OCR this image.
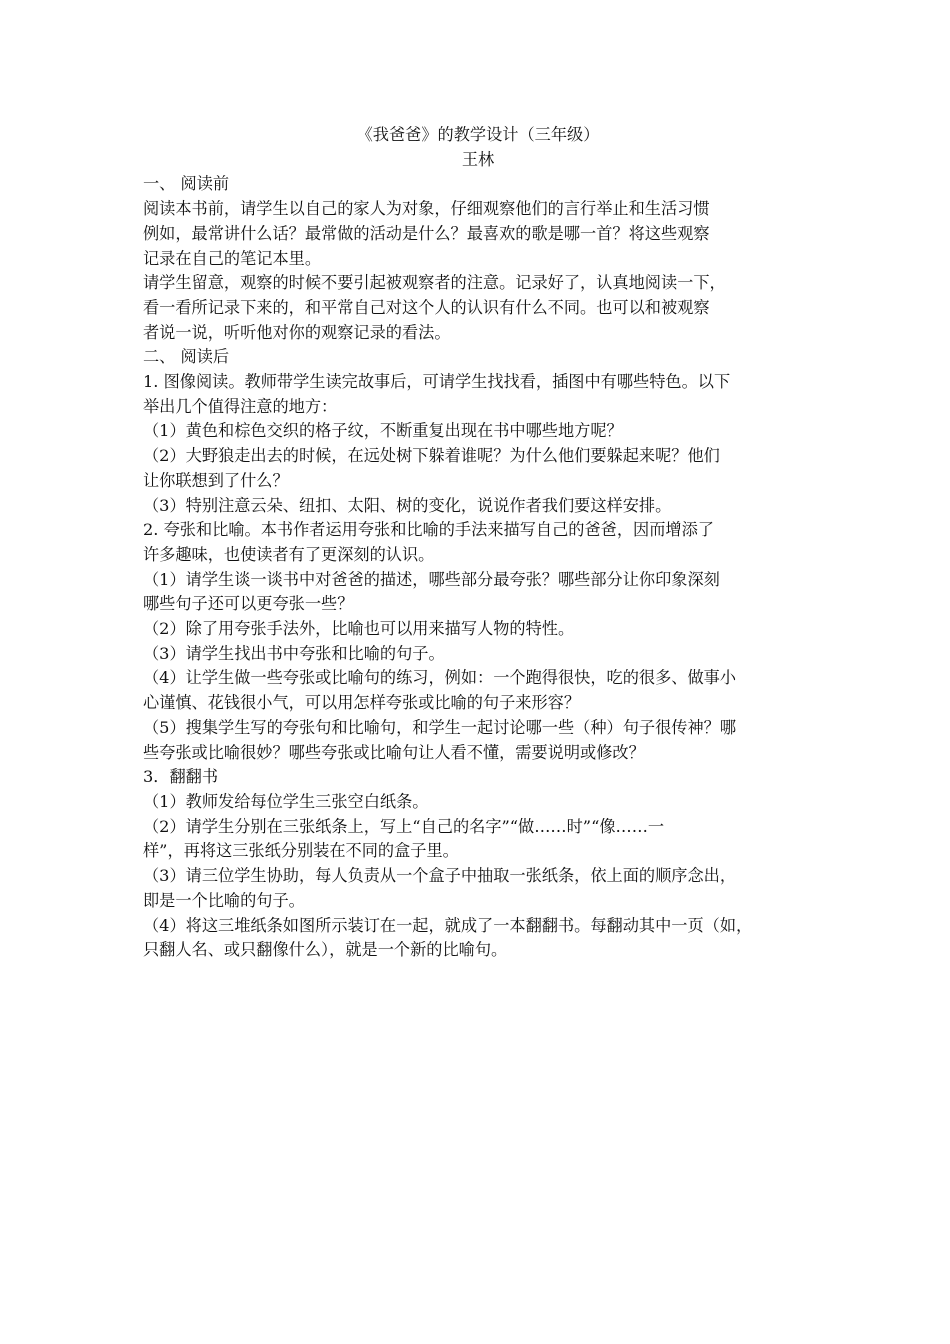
《我爸爸》的教学设计（三年级）
王林
一、 阅读前
阅读本书前，请学生以自己的家人为对象，仔细观察他们的言行举止和生活习惯
例如，最常讲什么话？最常做的活动是什么？最喜欢的歌是哪一首？将这些观察
记录在自己的笔记本里。
请学生留意，观察的时候不要引起被观察者的注意。记录好了，认真地阅读一下，
看一看所记录下来的，和平常自己对这个人的认识有什么不同。也可以和被观察
者说一说，听听他对你的观察记录的看法。
二、 阅读后
1. 图像阅读。教师带学生读完故事后，可请学生找找看，插图中有哪些特色。以下
举出几个值得注意的地方：
（1）黄色和棕色交织的格子纹，不断重复出现在书中哪些地方呢？
（2）大野狼走出去的时候，在远处树下躲着谁呢？为什么他们要躲起来呢？他们
让你联想到了什么？
（3）特别注意云朵、纽扣、太阳、树的变化，说说作者我们要这样安排。
2. 夸张和比喻。本书作者运用夸张和比喻的手法来描写自己的爸爸，因而增添了
许多趣味，也使读者有了更深刻的认识。
（1）请学生谈一谈书中对爸爸的描述，哪些部分最夸张？哪些部分让你印象深刻
哪些句子还可以更夸张一些？
（2）除了用夸张手法外，比喻也可以用来描写人物的特性。
（3）请学生找出书中夸张和比喻的句子。
（4）让学生做一些夸张或比喻句的练习，例如：一个跑得很快，吃的很多、做事小
心谨慎、花钱很小气，可以用怎样夸张或比喻的句子来形容？
（5）搜集学生写的夸张句和比喻句，和学生一起讨论哪一些（种）句子很传神？哪
些夸张或比喻很妙？哪些夸张或比喻句让人看不懂，需要说明或修改？
3．翻翻书
（1）教师发给每位学生三张空白纸条。
（2）请学生分别在三张纸条上，写上“自己的名字”“做……时”“像……一
样”，再将这三张纸分别装在不同的盒子里。
（3）请三位学生协助，每人负责从一个盒子中抽取一张纸条，依上面的顺序念出，
即是一个比喻的句子。
（4）将这三堆纸条如图所示装订在一起，就成了一本翻翻书。每翻动其中一页（如，
只翻人名、或只翻像什么），就是一个新的比喻句。
